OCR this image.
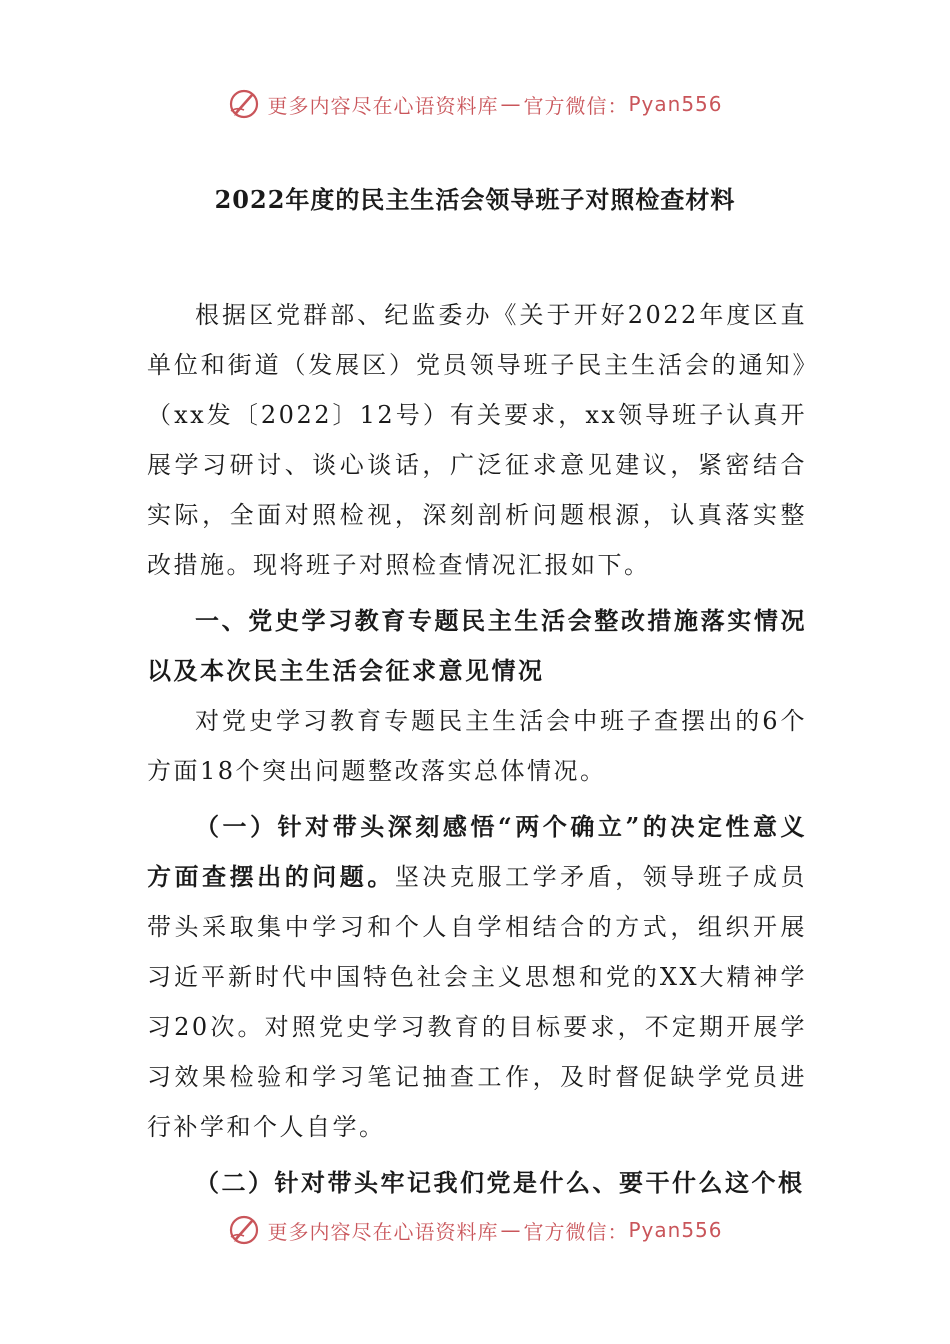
更多内容尽在心语资料库 — 官方微信： Pyan556
2022年度的民主生活会领导班子对照检查材料

根据区党群部、纪监委办《关于开好2022年度区直单位和街道（发展区）党员领导班子民主生活会的通知》（xx发〔2022〕12号）有关要求，xx领导班子认真开展学习研讨、谈心谈话，广泛征求意见建议，紧密结合实际，全面对照检视，深刻剖析问题根源，认真落实整改措施。现将班子对照检查情况汇报如下。

一、党史学习教育专题民主生活会整改措施落实情况以及本次民主生活会征求意见情况

对党史学习教育专题民主生活会中班子查摆出的6个方面18个突出问题整改落实总体情况。

（一）针对带头深刻感悟“两个确立”的决定性意义方面查摆出的问题。坚决克服工学矛盾，领导班子成员带头采取集中学习和个人自学相结合的方式，组织开展习近平新时代中国特色社会主义思想和党的XX大精神学习20次。对照党史学习教育的目标要求，不定期开展学习效果检验和学习笔记抽查工作，及时督促缺学党员进行补学和个人自学。

（二）针对带头牢记我们党是什么、要干什么这个根

更多内容尽在心语资料库 — 官方微信： Pyan556
